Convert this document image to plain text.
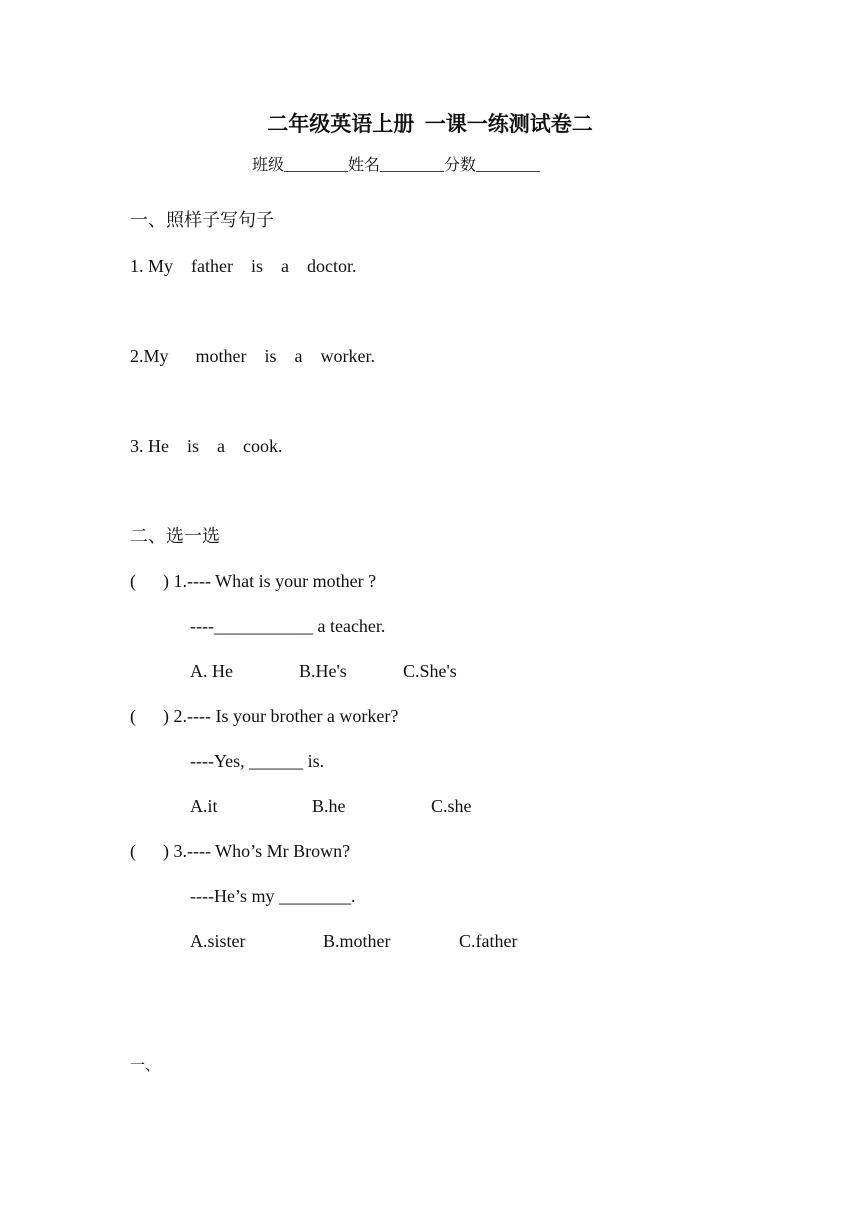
二年级英语上册  一课一练测试卷二
班级________姓名________分数________
一、照样子写句子
1. My    father    is    a    doctor.
2.My      mother    is    a    worker.
3. He    is    a    cook.
二、选一选
(      ) 1.---- What is your mother ?
----___________ a teacher.
A. He	B.He's	C.She's
(      ) 2.---- Is your brother a worker?
----Yes, ______ is.
A.it	B.he	C.she
(      ) 3.---- Who’s Mr Brown?
----He’s my ________.
A.sister	B.mother	C.father
一、
